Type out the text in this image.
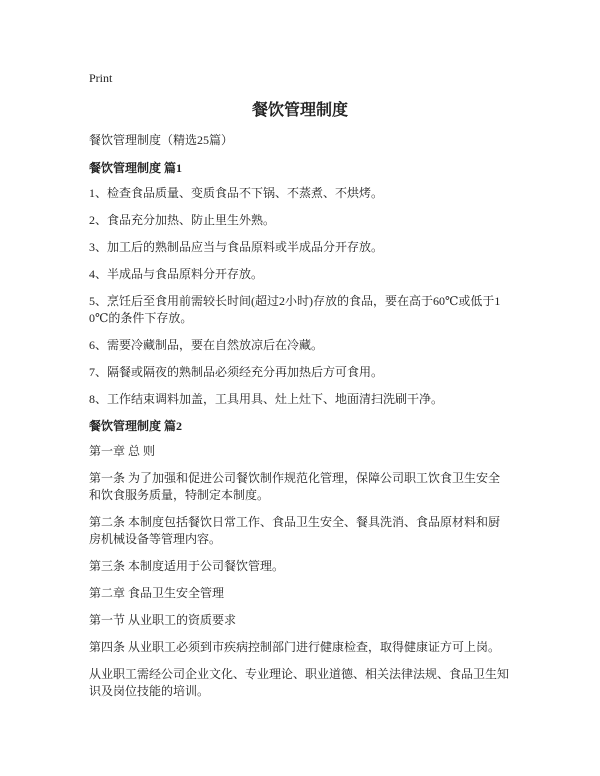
Print
餐饮管理制度

餐饮管理制度（精选25篇）

餐饮管理制度 篇1

1、检查食品质量、变质食品不下锅、不蒸煮、不烘烤。

2、食品充分加热、防止里生外熟。

3、加工后的熟制品应当与食品原料或半成品分开存放。

4、半成品与食品原料分开存放。

5、烹饪后至食用前需较长时间(超过2小时)存放的食品，要在高于60℃或低于10℃的条件下存放。

6、需要冷藏制品，要在自然放凉后在冷藏。

7、隔餐或隔夜的熟制品必须经充分再加热后方可食用。

8、工作结束调料加盖，工具用具、灶上灶下、地面清扫洗刷干净。

餐饮管理制度 篇2

第一章 总 则

第一条 为了加强和促进公司餐饮制作规范化管理，保障公司职工饮食卫生安全和饮食服务质量，特制定本制度。

第二条 本制度包括餐饮日常工作、食品卫生安全、餐具洗消、食品原材料和厨房机械设备等管理内容。

第三条 本制度适用于公司餐饮管理。

第二章 食品卫生安全管理

第一节 从业职工的资质要求

第四条 从业职工必须到市疾病控制部门进行健康检查，取得健康证方可上岗。

从业职工需经公司企业文化、专业理论、职业道德、相关法律法规、食品卫生知识及岗位技能的培训。
